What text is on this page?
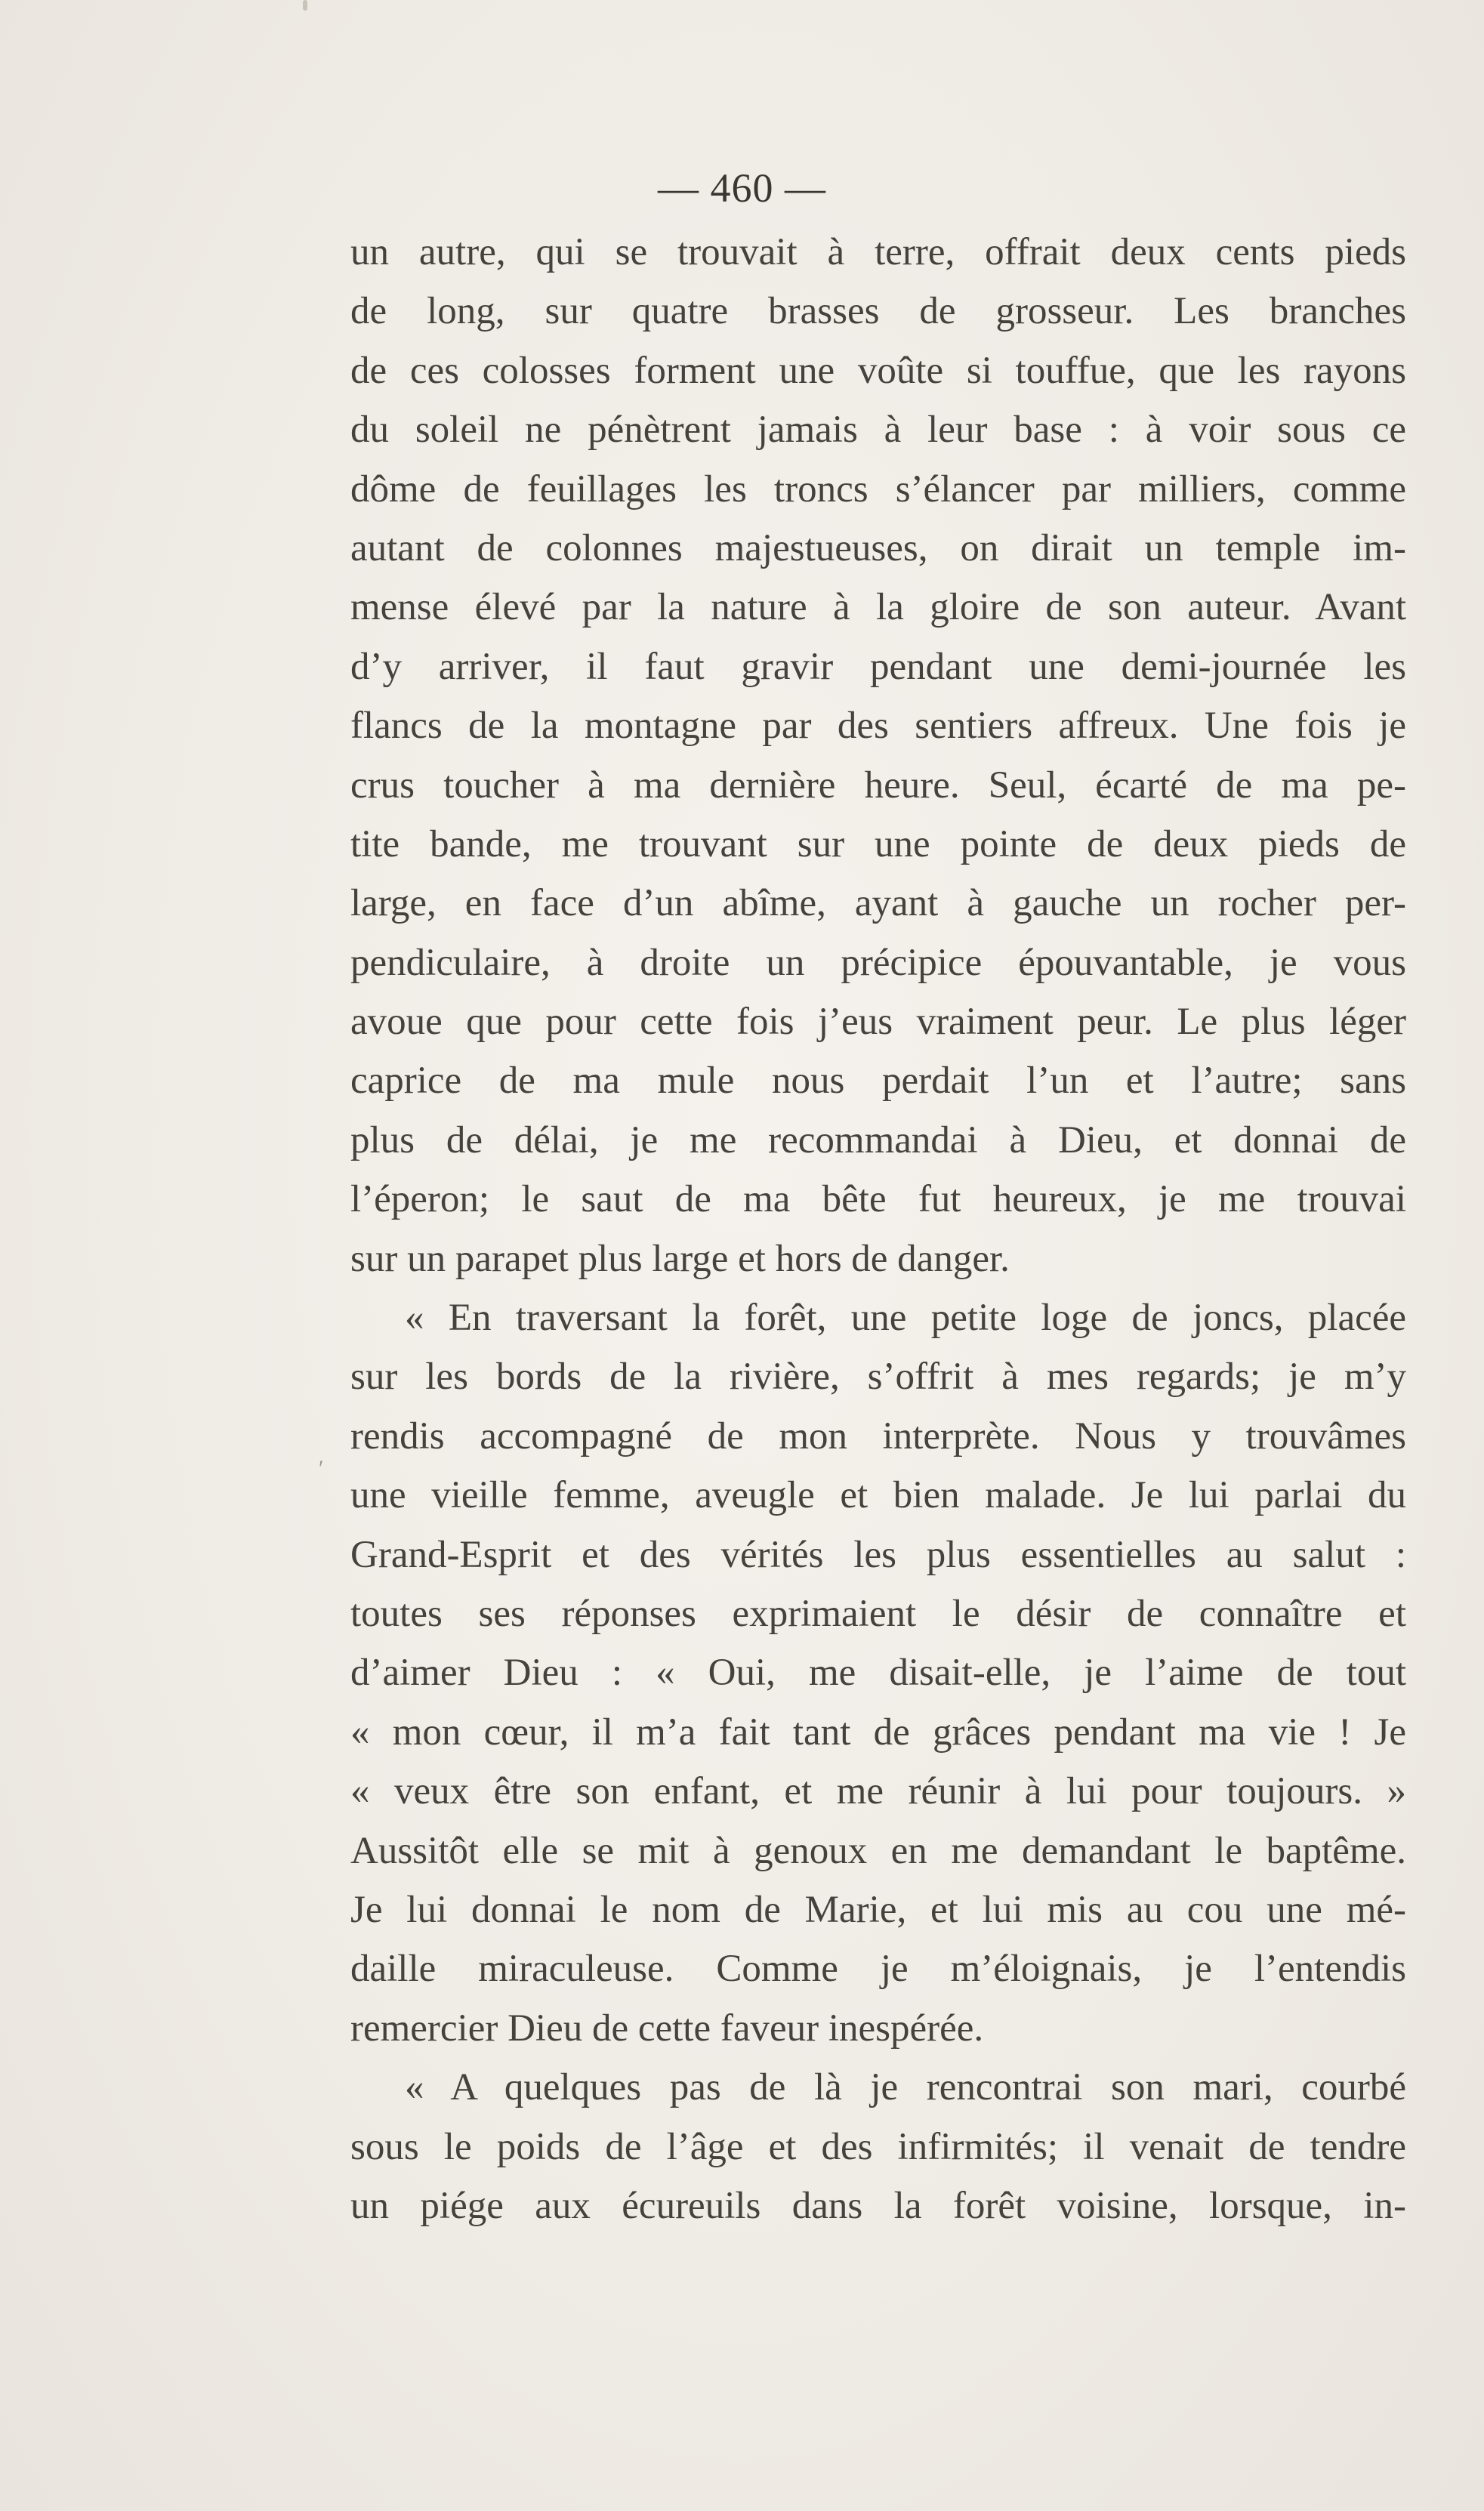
— 460 —
ʹ
un autre, qui se trouvait à terre, offrait deux cents pieds
de long, sur quatre brasses de grosseur. Les branches
de ces colosses forment une voûte si touffue, que les rayons
du soleil ne pénètrent jamais à leur base : à voir sous ce
dôme de feuillages les troncs s’élancer par milliers, comme
autant de colonnes majestueuses, on dirait un temple im-
mense élevé par la nature à la gloire de son auteur. Avant
d’y arriver, il faut gravir pendant une demi-journée les
flancs de la montagne par des sentiers affreux. Une fois je
crus toucher à ma dernière heure. Seul, écarté de ma pe-
tite bande, me trouvant sur une pointe de deux pieds de
large, en face d’un abîme, ayant à gauche un rocher per-
pendiculaire, à droite un précipice épouvantable, je vous
avoue que pour cette fois j’eus vraiment peur. Le plus léger
caprice de ma mule nous perdait l’un et l’autre; sans
plus de délai, je me recommandai à Dieu, et donnai de
l’éperon; le saut de ma bête fut heureux, je me trouvai
sur un parapet plus large et hors de danger.
« En traversant la forêt, une petite loge de joncs, placée
sur les bords de la rivière, s’offrit à mes regards; je m’y
rendis accompagné de mon interprète. Nous y trouvâmes
une vieille femme, aveugle et bien malade. Je lui parlai du
Grand-Esprit et des vérités les plus essentielles au salut :
toutes ses réponses exprimaient le désir de connaître et
d’aimer Dieu : « Oui, me disait-elle, je l’aime de tout
« mon cœur, il m’a fait tant de grâces pendant ma vie ! Je
« veux être son enfant, et me réunir à lui pour toujours. »
Aussitôt elle se mit à genoux en me demandant le baptême.
Je lui donnai le nom de Marie, et lui mis au cou une mé-
daille miraculeuse. Comme je m’éloignais, je l’entendis
remercier Dieu de cette faveur inespérée.
« A quelques pas de là je rencontrai son mari, courbé
sous le poids de l’âge et des infirmités; il venait de tendre
un piége aux écureuils dans la forêt voisine, lorsque, in-
